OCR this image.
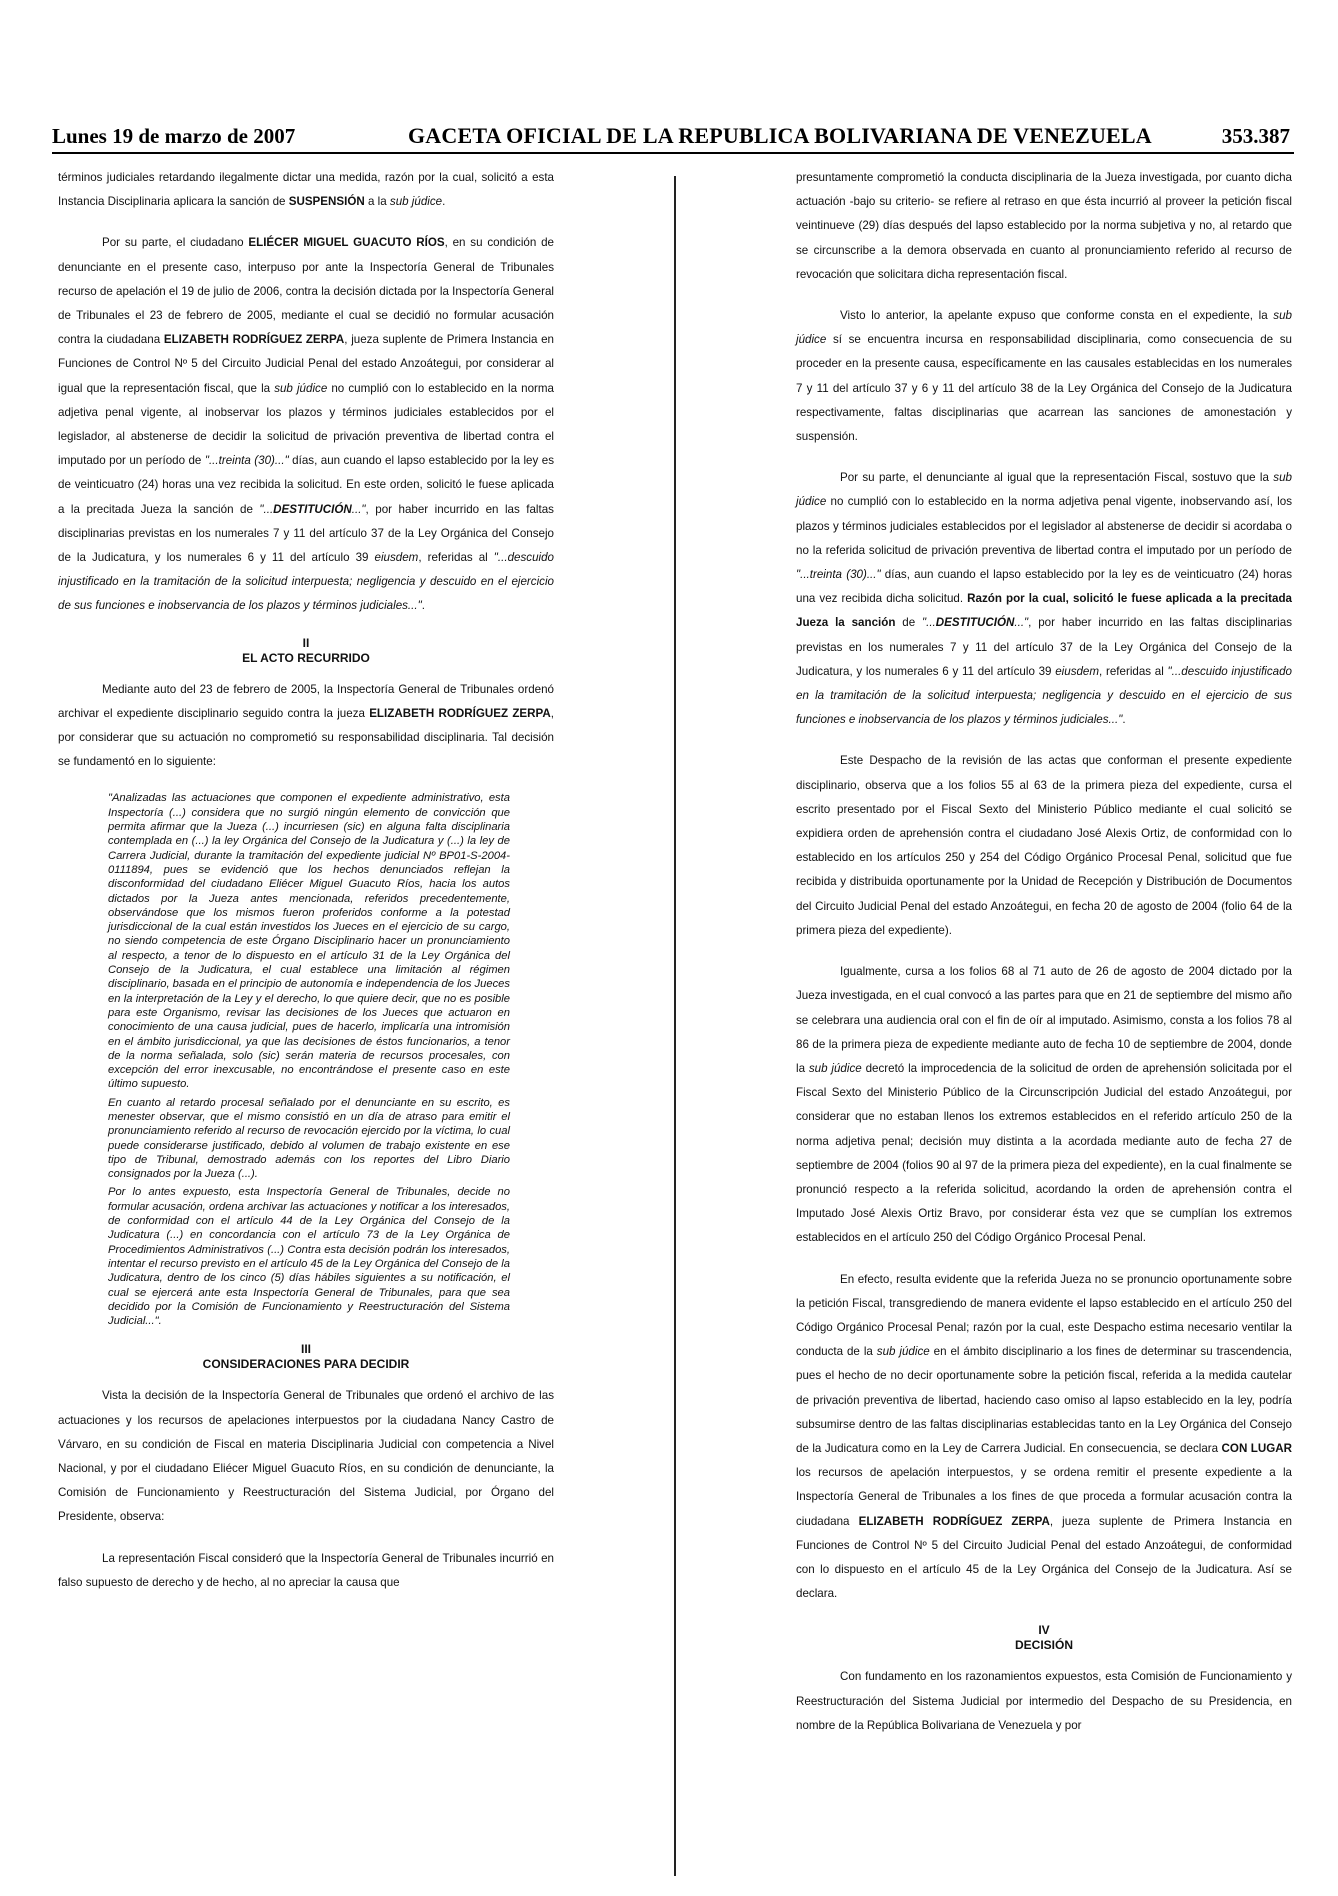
Lunes 19 de marzo de 2007	GACETA OFICIAL DE LA REPUBLICA BOLIVARIANA DE VENEZUELA	353.387

términos judiciales retardando ilegalmente dictar una medida, razón por la cual, solicitó a esta Instancia Disciplinaria aplicara la sanción de SUSPENSIÓN a la sub júdice.

Por su parte, el ciudadano ELIÉCER MIGUEL GUACUTO RÍOS, en su condición de denunciante en el presente caso, interpuso por ante la Inspectoría General de Tribunales recurso de apelación el 19 de julio de 2006, contra la decisión dictada por la Inspectoría General de Tribunales el 23 de febrero de 2005, mediante el cual se decidió no formular acusación contra la ciudadana ELIZABETH RODRÍGUEZ ZERPA, jueza suplente de Primera Instancia en Funciones de Control Nº 5 del Circuito Judicial Penal del estado Anzoátegui, por considerar al igual que la representación fiscal, que la sub júdice no cumplió con lo establecido en la norma adjetiva penal vigente, al inobservar los plazos y términos judiciales establecidos por el legislador, al abstenerse de decidir la solicitud de privación preventiva de libertad contra el imputado por un período de "...treinta (30)..." días, aun cuando el lapso establecido por la ley es de veinticuatro (24) horas una vez recibida la solicitud. En este orden, solicitó le fuese aplicada a la precitada Jueza la sanción de "...DESTITUCIÓN...", por haber incurrido en las faltas disciplinarias previstas en los numerales 7 y 11 del artículo 37 de la Ley Orgánica del Consejo de la Judicatura, y los numerales 6 y 11 del artículo 39 eiusdem, referidas al "...descuido injustificado en la tramitación de la solicitud interpuesta; negligencia y descuido en el ejercicio de sus funciones e inobservancia de los plazos y términos judiciales...".

II
EL ACTO RECURRIDO

Mediante auto del 23 de febrero de 2005, la Inspectoría General de Tribunales ordenó archivar el expediente disciplinario seguido contra la jueza ELIZABETH RODRÍGUEZ ZERPA, por considerar que su actuación no comprometió su responsabilidad disciplinaria. Tal decisión se fundamentó en lo siguiente:

"Analizadas las actuaciones que componen el expediente administrativo, esta Inspectoría (...) considera que no surgió ningún elemento de convicción que permita afirmar que la Jueza (...) incurriesen (sic) en alguna falta disciplinaria contemplada en (...) la ley Orgánica del Consejo de la Judicatura y (...) la ley de Carrera Judicial, durante la tramitación del expediente judicial Nº BP01-S-2004-0111894, pues se evidenció que los hechos denunciados reflejan la disconformidad del ciudadano Eliécer Miguel Guacuto Ríos, hacia los autos dictados por la Jueza antes mencionada, referidos precedentemente, observándose que los mismos fueron proferidos conforme a la potestad jurisdiccional de la cual están investidos los Jueces en el ejercicio de su cargo, no siendo competencia de este Órgano Disciplinario hacer un pronunciamiento al respecto, a tenor de lo dispuesto en el artículo 31 de la Ley Orgánica del Consejo de la Judicatura, el cual establece una limitación al régimen disciplinario, basada en el principio de autonomía e independencia de los Jueces en la interpretación de la Ley y el derecho, lo que quiere decir, que no es posible para este Organismo, revisar las decisiones de los Jueces que actuaron en conocimiento de una causa judicial, pues de hacerlo, implicaría una intromisión en el ámbito jurisdiccional, ya que las decisiones de éstos funcionarios, a tenor de la norma señalada, solo (sic) serán materia de recursos procesales, con excepción del error inexcusable, no encontrándose el presente caso en este último supuesto.

En cuanto al retardo procesal señalado por el denunciante en su escrito, es menester observar, que el mismo consistió en un día de atraso para emitir el pronunciamiento referido al recurso de revocación ejercido por la víctima, lo cual puede considerarse justificado, debido al volumen de trabajo existente en ese tipo de Tribunal, demostrado además con los reportes del Libro Diario consignados por la Jueza (...).

Por lo antes expuesto, esta Inspectoría General de Tribunales, decide no formular acusación, ordena archivar las actuaciones y notificar a los interesados, de conformidad con el artículo 44 de la Ley Orgánica del Consejo de la Judicatura (...) en concordancia con el artículo 73 de la Ley Orgánica de Procedimientos Administrativos (...) Contra esta decisión podrán los interesados, intentar el recurso previsto en el artículo 45 de la Ley Orgánica del Consejo de la Judicatura, dentro de los cinco (5) días hábiles siguientes a su notificación, el cual se ejercerá ante esta Inspectoría General de Tribunales, para que sea decidido por la Comisión de Funcionamiento y Reestructuración del Sistema Judicial...".

III
CONSIDERACIONES PARA DECIDIR

Vista la decisión de la Inspectoría General de Tribunales que ordenó el archivo de las actuaciones y los recursos de apelaciones interpuestos por la ciudadana Nancy Castro de Várvaro, en su condición de Fiscal en materia Disciplinaria Judicial con competencia a Nivel Nacional, y por el ciudadano Eliécer Miguel Guacuto Ríos, en su condición de denunciante, la Comisión de Funcionamiento y Reestructuración del Sistema Judicial, por Órgano del Presidente, observa:

La representación Fiscal consideró que la Inspectoría General de Tribunales incurrió en falso supuesto de derecho y de hecho, al no apreciar la causa que

presuntamente comprometió la conducta disciplinaria de la Jueza investigada, por cuanto dicha actuación -bajo su criterio- se refiere al retraso en que ésta incurrió al proveer la petición fiscal veintinueve (29) días después del lapso establecido por la norma subjetiva y no, al retardo que se circunscribe a la demora observada en cuanto al pronunciamiento referido al recurso de revocación que solicitara dicha representación fiscal.

Visto lo anterior, la apelante expuso que conforme consta en el expediente, la sub júdice sí se encuentra incursa en responsabilidad disciplinaria, como consecuencia de su proceder en la presente causa, específicamente en las causales establecidas en los numerales 7 y 11 del artículo 37 y 6 y 11 del artículo 38 de la Ley Orgánica del Consejo de la Judicatura respectivamente, faltas disciplinarias que acarrean las sanciones de amonestación y suspensión.

Por su parte, el denunciante al igual que la representación Fiscal, sostuvo que la sub júdice no cumplió con lo establecido en la norma adjetiva penal vigente, inobservando así, los plazos y términos judiciales establecidos por el legislador al abstenerse de decidir si acordaba o no la referida solicitud de privación preventiva de libertad contra el imputado por un período de "...treinta (30)..." días, aun cuando el lapso establecido por la ley es de veinticuatro (24) horas una vez recibida dicha solicitud. Razón por la cual, solicitó le fuese aplicada a la precitada Jueza la sanción de "...DESTITUCIÓN...", por haber incurrido en las faltas disciplinarias previstas en los numerales 7 y 11 del artículo 37 de la Ley Orgánica del Consejo de la Judicatura, y los numerales 6 y 11 del artículo 39 eiusdem, referidas al "...descuido injustificado en la tramitación de la solicitud interpuesta; negligencia y descuido en el ejercicio de sus funciones e inobservancia de los plazos y términos judiciales...".

Este Despacho de la revisión de las actas que conforman el presente expediente disciplinario, observa que a los folios 55 al 63 de la primera pieza del expediente, cursa el escrito presentado por el Fiscal Sexto del Ministerio Público mediante el cual solicitó se expidiera orden de aprehensión contra el ciudadano José Alexis Ortiz, de conformidad con lo establecido en los artículos 250 y 254 del Código Orgánico Procesal Penal, solicitud que fue recibida y distribuida oportunamente por la Unidad de Recepción y Distribución de Documentos del Circuito Judicial Penal del estado Anzoátegui, en fecha 20 de agosto de 2004 (folio 64 de la primera pieza del expediente).

Igualmente, cursa a los folios 68 al 71 auto de 26 de agosto de 2004 dictado por la Jueza investigada, en el cual convocó a las partes para que en 21 de septiembre del mismo año se celebrara una audiencia oral con el fin de oír al imputado. Asimismo, consta a los folios 78 al 86 de la primera pieza de expediente mediante auto de fecha 10 de septiembre de 2004, donde la sub júdice decretó la improcedencia de la solicitud de orden de aprehensión solicitada por el Fiscal Sexto del Ministerio Público de la Circunscripción Judicial del estado Anzoátegui, por considerar que no estaban llenos los extremos establecidos en el referido artículo 250 de la norma adjetiva penal; decisión muy distinta a la acordada mediante auto de fecha 27 de septiembre de 2004 (folios 90 al 97 de la primera pieza del expediente), en la cual finalmente se pronunció respecto a la referida solicitud, acordando la orden de aprehensión contra el Imputado José Alexis Ortiz Bravo, por considerar ésta vez que se cumplían los extremos establecidos en el artículo 250 del Código Orgánico Procesal Penal.

En efecto, resulta evidente que la referida Jueza no se pronuncio oportunamente sobre la petición Fiscal, transgrediendo de manera evidente el lapso establecido en el artículo 250 del Código Orgánico Procesal Penal; razón por la cual, este Despacho estima necesario ventilar la conducta de la sub júdice en el ámbito disciplinario a los fines de determinar su trascendencia, pues el hecho de no decir oportunamente sobre la petición fiscal, referida a la medida cautelar de privación preventiva de libertad, haciendo caso omiso al lapso establecido en la ley, podría subsumirse dentro de las faltas disciplinarias establecidas tanto en la Ley Orgánica del Consejo de la Judicatura como en la Ley de Carrera Judicial. En consecuencia, se declara CON LUGAR los recursos de apelación interpuestos, y se ordena remitir el presente expediente a la Inspectoría General de Tribunales a los fines de que proceda a formular acusación contra la ciudadana ELIZABETH RODRÍGUEZ ZERPA, jueza suplente de Primera Instancia en Funciones de Control Nº 5 del Circuito Judicial Penal del estado Anzoátegui, de conformidad con lo dispuesto en el artículo 45 de la Ley Orgánica del Consejo de la Judicatura. Así se declara.

IV
DECISIÓN

Con fundamento en los razonamientos expuestos, esta Comisión de Funcionamiento y Reestructuración del Sistema Judicial por intermedio del Despacho de su Presidencia, en nombre de la República Bolivariana de Venezuela y por
